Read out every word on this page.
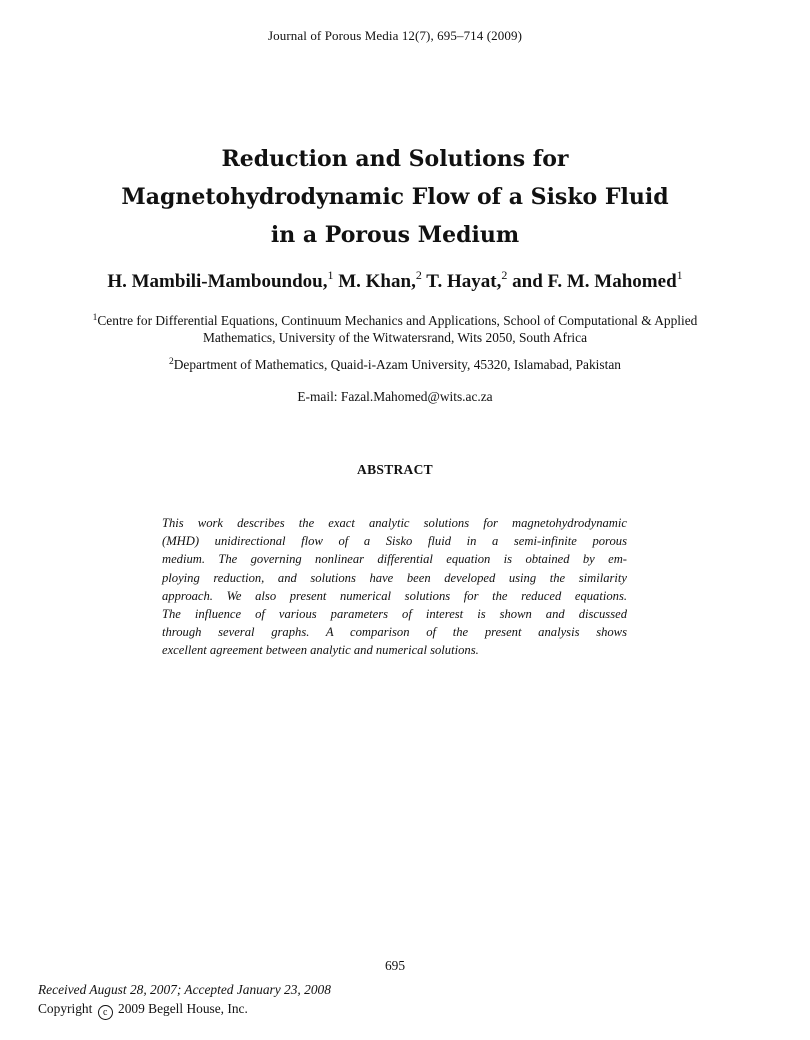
Journal of Porous Media 12(7), 695–714 (2009)
Reduction and Solutions for
Magnetohydrodynamic Flow of a Sisko Fluid
in a Porous Medium
H. Mambili-Mamboundou,$^1$ M. Khan,$^2$ T. Hayat,$^2$ and F. M. Mahomed$^1$
$^1$Centre for Differential Equations, Continuum Mechanics and Applications, School of Computational & Applied
Mathematics, University of the Witwatersrand, Wits 2050, South Africa
$^2$Department of Mathematics, Quaid-i-Azam University, 45320, Islamabad, Pakistan
E-mail: Fazal.Mahomed@wits.ac.za
ABSTRACT

This work describes the exact analytic solutions for magnetohydrodynamic
(MHD) unidirectional flow of a Sisko fluid in a semi-infinite porous
medium. The governing nonlinear differential equation is obtained by em-
ploying reduction, and solutions have been developed using the similarity
approach. We also present numerical solutions for the reduced equations.
The influence of various parameters of interest is shown and discussed
through several graphs. A comparison of the present analysis shows
excellent agreement between analytic and numerical solutions.

695
Received August 28, 2007; Accepted January 23, 2008
Copyright c 2009 Begell House, Inc.
